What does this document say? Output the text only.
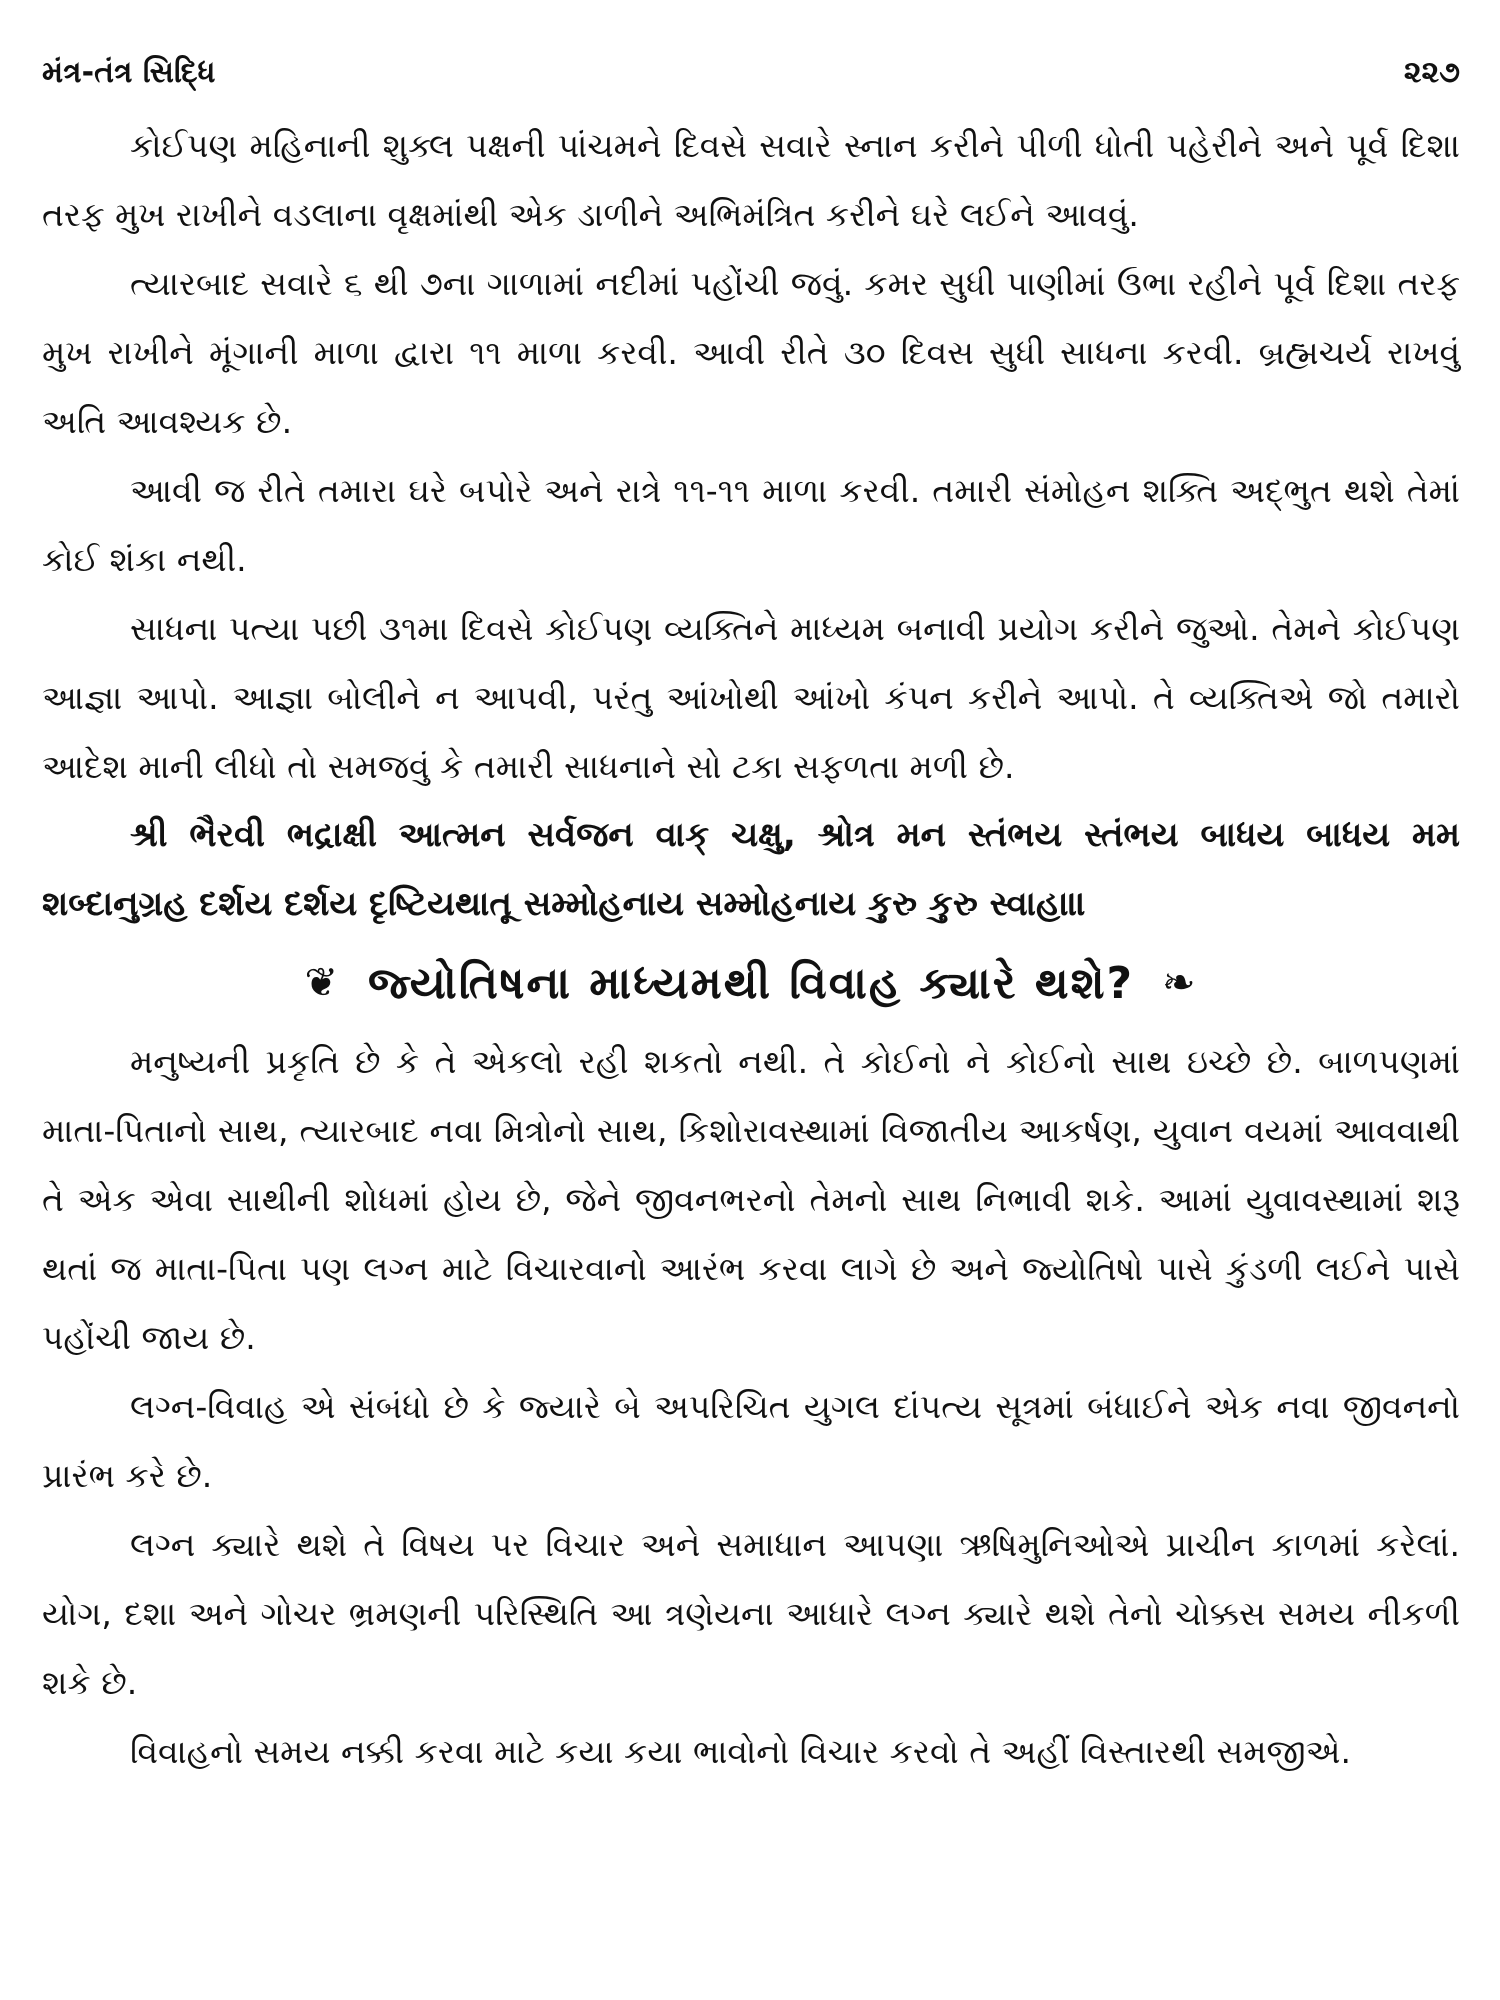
મંત્ર-તંત્ર સિદ્ધિ	૨૨૭

કોઈપણ મહિનાની શુક્લ પક્ષની પાંચમને દિવસે સવારે સ્નાન કરીને પીળી ધોતી પહેરીને અને પૂર્વ દિશા તરફ મુખ રાખીને વડલાના વૃક્ષમાંથી એક ડાળીને અભિમંત્રિત કરીને ઘરે લઈને આવવું.

ત્યારબાદ સવારે ૬ થી ૭ના ગાળામાં નદીમાં પહોંચી જવું. કમર સુધી પાણીમાં ઉભા રહીને પૂર્વ દિશા તરફ મુખ રાખીને મૂંગાની માળા દ્વારા ૧૧ માળા કરવી. આવી રીતે ૩૦ દિવસ સુધી સાધના કરવી. બ્રહ્મચર્ય રાખવું અતિ આવશ્યક છે.

આવી જ રીતે તમારા ઘરે બપોરે અને રાત્રે ૧૧-૧૧ માળા કરવી. તમારી સંમોહન શક્તિ અદ્ભુત થશે તેમાં કોઈ શંકા નથી.

સાધના પત્યા પછી ૩૧મા દિવસે કોઈપણ વ્યક્તિને માધ્યમ બનાવી પ્રયોગ કરીને જુઓ. તેમને કોઈપણ આજ્ઞા આપો. આજ્ઞા બોલીને ન આપવી, પરંતુ આંખોથી આંખો કંપન કરીને આપો. તે વ્યક્તિએ જો તમારો આદેશ માની લીધો તો સમજવું કે તમારી સાધનાને સો ટકા સફળતા મળી છે.

શ્રી ભૈરવી ભદ્રાક્ષી આત્મન સર્વજન વાક્ ચક્ષુ, શ્રોત્ર મન સ્તંભય સ્તંભય બાધય બાધય મમ શબ્દાનુગ્રહ દર્શય દર્શય દૃષ્ટિયથાતૂ સમ્મોહનાય સમ્મોહનાય કુરુ કુરુ સ્વાહા॥

❦ જ્યોતિષના માધ્યમથી વિવાહ ક્યારે થશે? ❧

મનુષ્યની પ્રકૃતિ છે કે તે એકલો રહી શકતો નથી. તે કોઈનો ને કોઈનો સાથ ઇચ્છે છે. બાળપણમાં માતા-પિતાનો સાથ, ત્યારબાદ નવા મિત્રોનો સાથ, કિશોરાવસ્થામાં વિજાતીય આકર્ષણ, યુવાન વયમાં આવવાથી તે એક એવા સાથીની શોધમાં હોય છે, જેને જીવનભરનો તેમનો સાથ નિભાવી શકે. આમાં યુવાવસ્થામાં શરૂ થતાં જ માતા-પિતા પણ લગ્ન માટે વિચારવાનો આરંભ કરવા લાગે છે અને જ્યોતિષો પાસે કુંડળી લઈને પાસે પહોંચી જાય છે.

લગ્ન-વિવાહ એ સંબંધો છે કે જ્યારે બે અપરિચિત યુગલ દાંપત્ય સૂત્રમાં બંધાઈને એક નવા જીવનનો પ્રારંભ કરે છે.

લગ્ન ક્યારે થશે તે વિષય પર વિચાર અને સમાધાન આપણા ઋષિમુનિઓએ પ્રાચીન કાળમાં કરેલાં. યોગ, દશા અને ગોચર ભ્રમણની પરિસ્થિતિ આ ત્રણેયના આધારે લગ્ન ક્યારે થશે તેનો ચોક્કસ સમય નીકળી શકે છે.

વિવાહનો સમય નક્કી કરવા માટે કયા કયા ભાવોનો વિચાર કરવો તે અહીં વિસ્તારથી સમજીએ.
